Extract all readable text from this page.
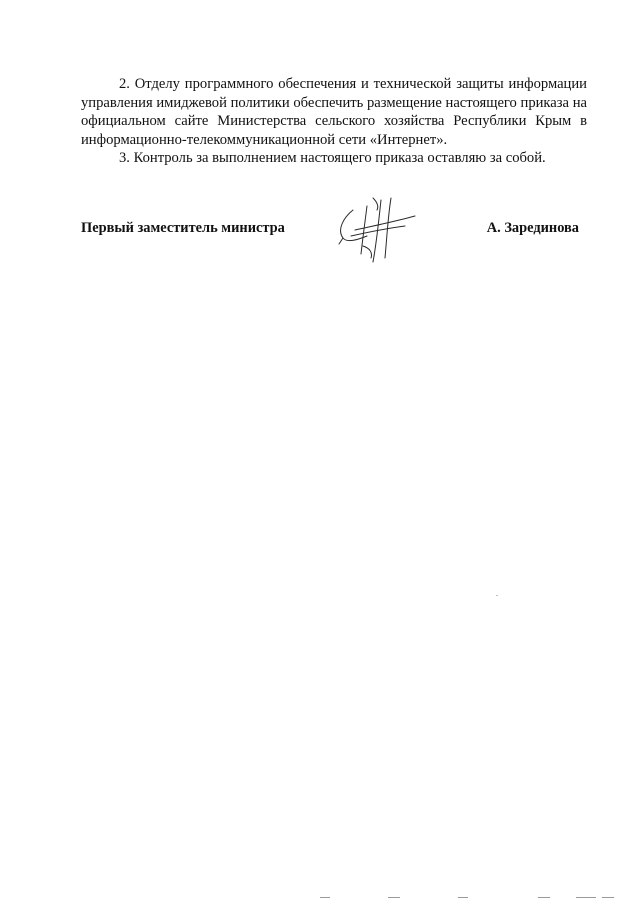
2. Отделу программного обеспечения и технической защиты информации управления имиджевой политики обеспечить размещение настоящего приказа на официальном сайте Министерства сельского хозяйства Республики Крым в информационно-телекоммуникационной сети «Интернет».

3. Контроль за выполнением настоящего приказа оставляю за собой.

Первый заместитель министра	А. Зарединова
